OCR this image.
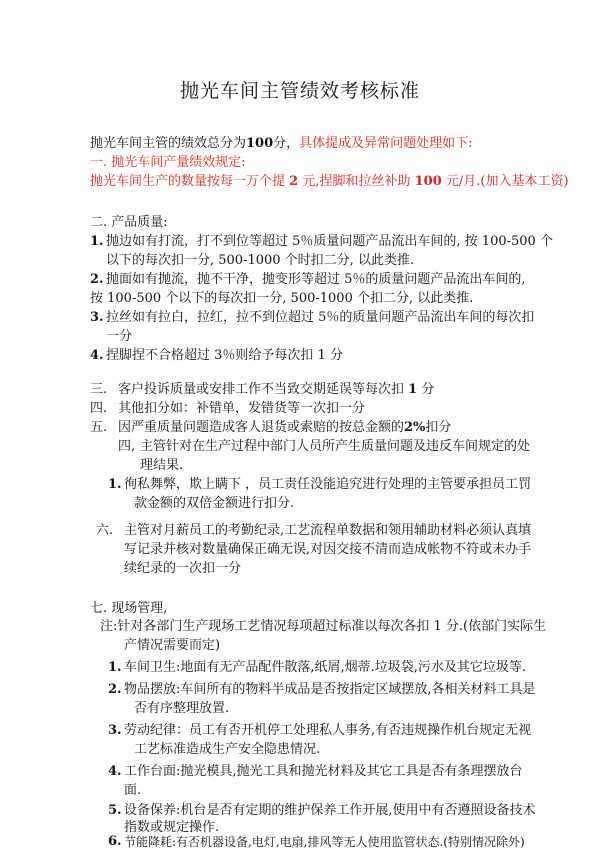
抛光车间主管绩效考核标准
抛光车间主管的绩效总分为100分，具体提成及异常问题处理如下:
一. 抛光车间产量绩效规定:
抛光车间生产的数量按每一万个提 2 元,捏脚和拉丝补助 100 元/月.(加入基本工资)
二. 产品质量:
1. 抛边如有打流，打不到位等超过 5％质量问题产品流出车间的, 按 100-500 个
以下的每次扣一分, 500-1000 个时扣二分, 以此类推.
2. 抛面如有抛流，抛不干净，拋变形等超过 5％的质量问题产品流出车间的,
按 100-500 个以下的每次扣一分, 500-1000 个扣二分, 以此类推.
3. 拉丝如有拉白，拉红，拉不到位超过 5％的质量问题产品流出车间的每次扣
一分
4. 捏脚捏不合格超过 3％则给予每次扣 1 分
三. 客户投诉质量或安排工作不当致交期延误等每次扣 1 分
四. 其他扣分如：补错单，发错货等一次扣一分
五. 因严重质量问题造成客人退货或索赔的按总金额的2%扣分
四, 主管针对在生产过程中部门人员所产生质量问题及违反车间规定的处
理结果.
1. 徇私舞弊，欺上瞒下 ，员工责任没能追究进行处理的主管要承担员工罚
款金额的双倍金额进行扣分.
六. 主管对月薪员工的考勤纪录,工艺流程单数据和领用辅助材料必须认真填
写记录并核对数量确保正确无误,对因交接不清而造成帐物不符或未办手
续纪录的一次扣一分
七. 现场管理,
注:针对各部门生产现场工艺情况每项超过标准以每次各扣 1 分.(依部门实际生
产情况需要而定)
1. 车间卫生:地面有无产品配件散落,纸屑,烟蒂.垃圾袋,污水及其它垃圾等.
2. 物品摆放:车间所有的物料半成品是否按指定区域摆放,各相关材料工具是
否有序整理放置.
3. 劳动纪律：员工有否开机停工处理私人事务,有否违规操作机台规定无视
工艺标准造成生产安全隐患情况.
4. 工作台面:抛光模具,抛光工具和抛光材料及其它工具是否有条理摆放台
面.
5. 设备保养:机台是否有定期的维护保养工作开展,使用中有否遵照设备技术
指数或规定操作.
6. 节能降耗:有否机器设备,电灯,电扇,排风等无人使用监管状态.(特别情况除外)
